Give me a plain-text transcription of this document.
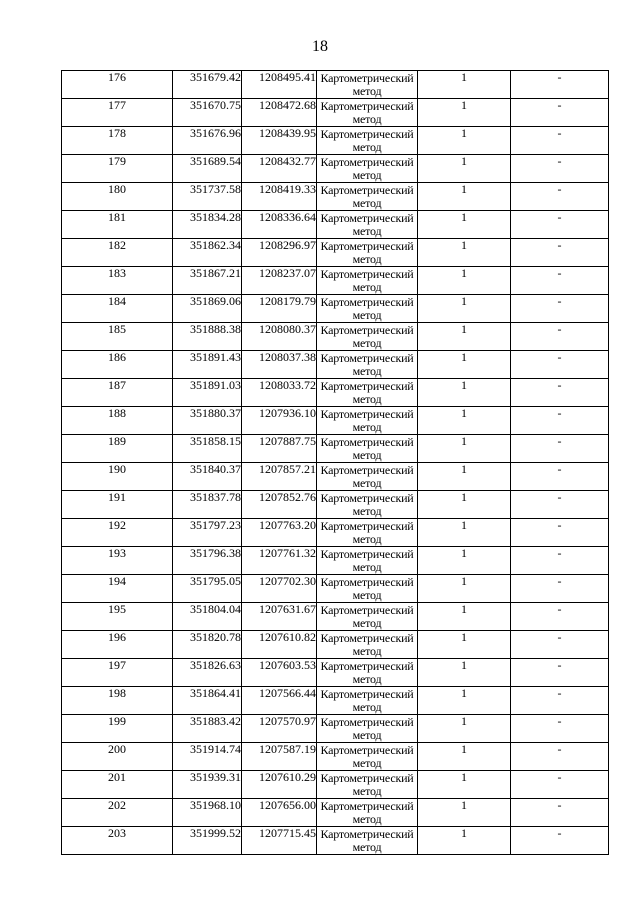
18
176	351679.42	1208495.41	Картометрический метод	1	-
177	351670.75	1208472.68	Картометрический метод	1	-
178	351676.96	1208439.95	Картометрический метод	1	-
179	351689.54	1208432.77	Картометрический метод	1	-
180	351737.58	1208419.33	Картометрический метод	1	-
181	351834.28	1208336.64	Картометрический метод	1	-
182	351862.34	1208296.97	Картометрический метод	1	-
183	351867.21	1208237.07	Картометрический метод	1	-
184	351869.06	1208179.79	Картометрический метод	1	-
185	351888.38	1208080.37	Картометрический метод	1	-
186	351891.43	1208037.38	Картометрический метод	1	-
187	351891.03	1208033.72	Картометрический метод	1	-
188	351880.37	1207936.10	Картометрический метод	1	-
189	351858.15	1207887.75	Картометрический метод	1	-
190	351840.37	1207857.21	Картометрический метод	1	-
191	351837.78	1207852.76	Картометрический метод	1	-
192	351797.23	1207763.20	Картометрический метод	1	-
193	351796.38	1207761.32	Картометрический метод	1	-
194	351795.05	1207702.30	Картометрический метод	1	-
195	351804.04	1207631.67	Картометрический метод	1	-
196	351820.78	1207610.82	Картометрический метод	1	-
197	351826.63	1207603.53	Картометрический метод	1	-
198	351864.41	1207566.44	Картометрический метод	1	-
199	351883.42	1207570.97	Картометрический метод	1	-
200	351914.74	1207587.19	Картометрический метод	1	-
201	351939.31	1207610.29	Картометрический метод	1	-
202	351968.10	1207656.00	Картометрический метод	1	-
203	351999.52	1207715.45	Картометрический метод	1	-
